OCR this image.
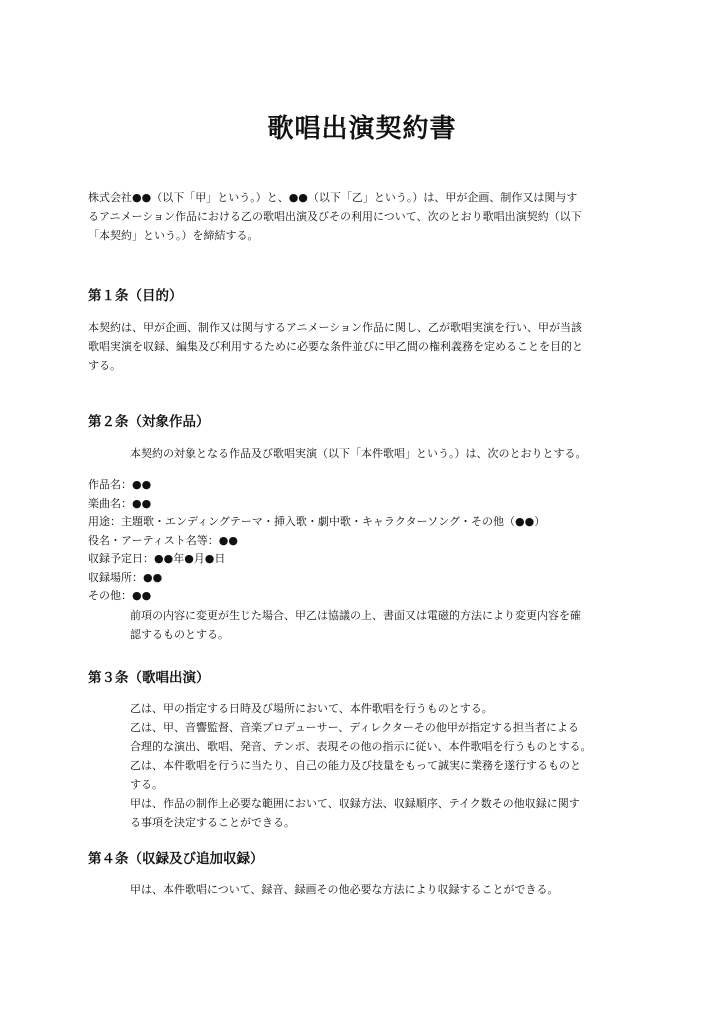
歌唱出演契約書
株式会社●●（以下「甲」という。）と、●●（以下「乙」という。）は、甲が企画、制作又は関与す
るアニメーション作品における乙の歌唱出演及びその利用について、次のとおり歌唱出演契約（以下
「本契約」という。）を締結する。
第１条（目的）
本契約は、甲が企画、制作又は関与するアニメーション作品に関し、乙が歌唱実演を行い、甲が当該
歌唱実演を収録、編集及び利用するために必要な条件並びに甲乙間の権利義務を定めることを目的と
する。
第２条（対象作品）
本契約の対象となる作品及び歌唱実演（以下「本件歌唱」という。）は、次のとおりとする。
作品名：●●
楽曲名：●●
用途：主題歌・エンディングテーマ・挿入歌・劇中歌・キャラクターソング・その他（●●）
役名・アーティスト名等：●●
収録予定日：●●年●月●日
収録場所：●●
その他：●●
前項の内容に変更が生じた場合、甲乙は協議の上、書面又は電磁的方法により変更内容を確
認するものとする。
第３条（歌唱出演）
乙は、甲の指定する日時及び場所において、本件歌唱を行うものとする。
乙は、甲、音響監督、音楽プロデューサー、ディレクターその他甲が指定する担当者による
合理的な演出、歌唱、発音、テンポ、表現その他の指示に従い、本件歌唱を行うものとする。
乙は、本件歌唱を行うに当たり、自己の能力及び技量をもって誠実に業務を遂行するものと
する。
甲は、作品の制作上必要な範囲において、収録方法、収録順序、テイク数その他収録に関す
る事項を決定することができる。
第４条（収録及び追加収録）
甲は、本件歌唱について、録音、録画その他必要な方法により収録することができる。
